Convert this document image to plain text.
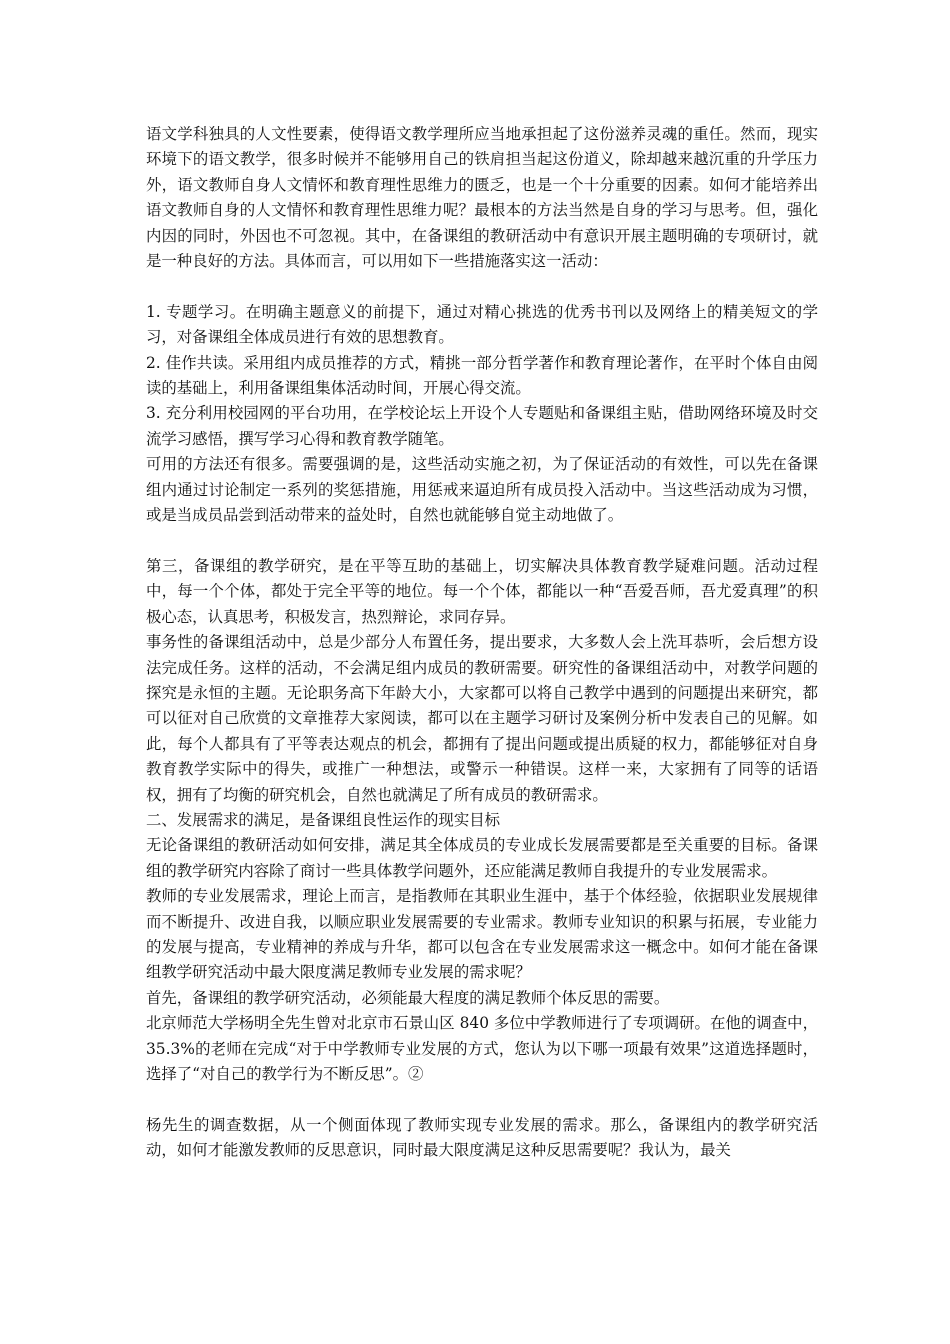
语文学科独具的人文性要素，使得语文教学理所应当地承担起了这份滋养灵魂的重任。然而，现实环境下的语文教学，很多时候并不能够用自己的铁肩担当起这份道义，除却越来越沉重的升学压力外，语文教师自身人文情怀和教育理性思维力的匮乏，也是一个十分重要的因素。如何才能培养出语文教师自身的人文情怀和教育理性思维力呢？最根本的方法当然是自身的学习与思考。但，强化内因的同时，外因也不可忽视。其中，在备课组的教研活动中有意识开展主题明确的专项研讨，就是一种良好的方法。具体而言，可以用如下一些措施落实这一活动：

1. 专题学习。在明确主题意义的前提下，通过对精心挑选的优秀书刊以及网络上的精美短文的学习，对备课组全体成员进行有效的思想教育。

2. 佳作共读。采用组内成员推荐的方式，精挑一部分哲学著作和教育理论著作，在平时个体自由阅读的基础上，利用备课组集体活动时间，开展心得交流。

3. 充分利用校园网的平台功用，在学校论坛上开设个人专题贴和备课组主贴，借助网络环境及时交流学习感悟，撰写学习心得和教育教学随笔。

可用的方法还有很多。需要强调的是，这些活动实施之初，为了保证活动的有效性，可以先在备课组内通过讨论制定一系列的奖惩措施，用惩戒来逼迫所有成员投入活动中。当这些活动成为习惯，或是当成员品尝到活动带来的益处时，自然也就能够自觉主动地做了。

第三，备课组的教学研究，是在平等互助的基础上，切实解决具体教育教学疑难问题。活动过程中，每一个个体，都处于完全平等的地位。每一个个体，都能以一种“吾爱吾师，吾尤爱真理”的积极心态，认真思考，积极发言，热烈辩论，求同存异。

事务性的备课组活动中，总是少部分人布置任务，提出要求，大多数人会上洗耳恭听，会后想方设法完成任务。这样的活动，不会满足组内成员的教研需要。研究性的备课组活动中，对教学问题的探究是永恒的主题。无论职务高下年龄大小，大家都可以将自己教学中遇到的问题提出来研究，都可以征对自己欣赏的文章推荐大家阅读，都可以在主题学习研讨及案例分析中发表自己的见解。如此，每个人都具有了平等表达观点的机会，都拥有了提出问题或提出质疑的权力，都能够征对自身教育教学实际中的得失，或推广一种想法，或警示一种错误。这样一来，大家拥有了同等的话语权，拥有了均衡的研究机会，自然也就满足了所有成员的教研需求。

二、发展需求的满足，是备课组良性运作的现实目标

无论备课组的教研活动如何安排，满足其全体成员的专业成长发展需要都是至关重要的目标。备课组的教学研究内容除了商讨一些具体教学问题外，还应能满足教师自我提升的专业发展需求。

教师的专业发展需求，理论上而言，是指教师在其职业生涯中，基于个体经验，依据职业发展规律而不断提升、改进自我，以顺应职业发展需要的专业需求。教师专业知识的积累与拓展，专业能力的发展与提高，专业精神的养成与升华，都可以包含在专业发展需求这一概念中。如何才能在备课组教学研究活动中最大限度满足教师专业发展的需求呢？

首先，备课组的教学研究活动，必须能最大程度的满足教师个体反思的需要。

北京师范大学杨明全先生曾对北京市石景山区 840 多位中学教师进行了专项调研。在他的调查中，35.3%的老师在完成“对于中学教师专业发展的方式，您认为以下哪一项最有效果”这道选择题时，选择了“对自己的教学行为不断反思”。②

杨先生的调查数据，从一个侧面体现了教师实现专业发展的需求。那么，备课组内的教学研究活动，如何才能激发教师的反思意识，同时最大限度满足这种反思需要呢？我认为，最关
